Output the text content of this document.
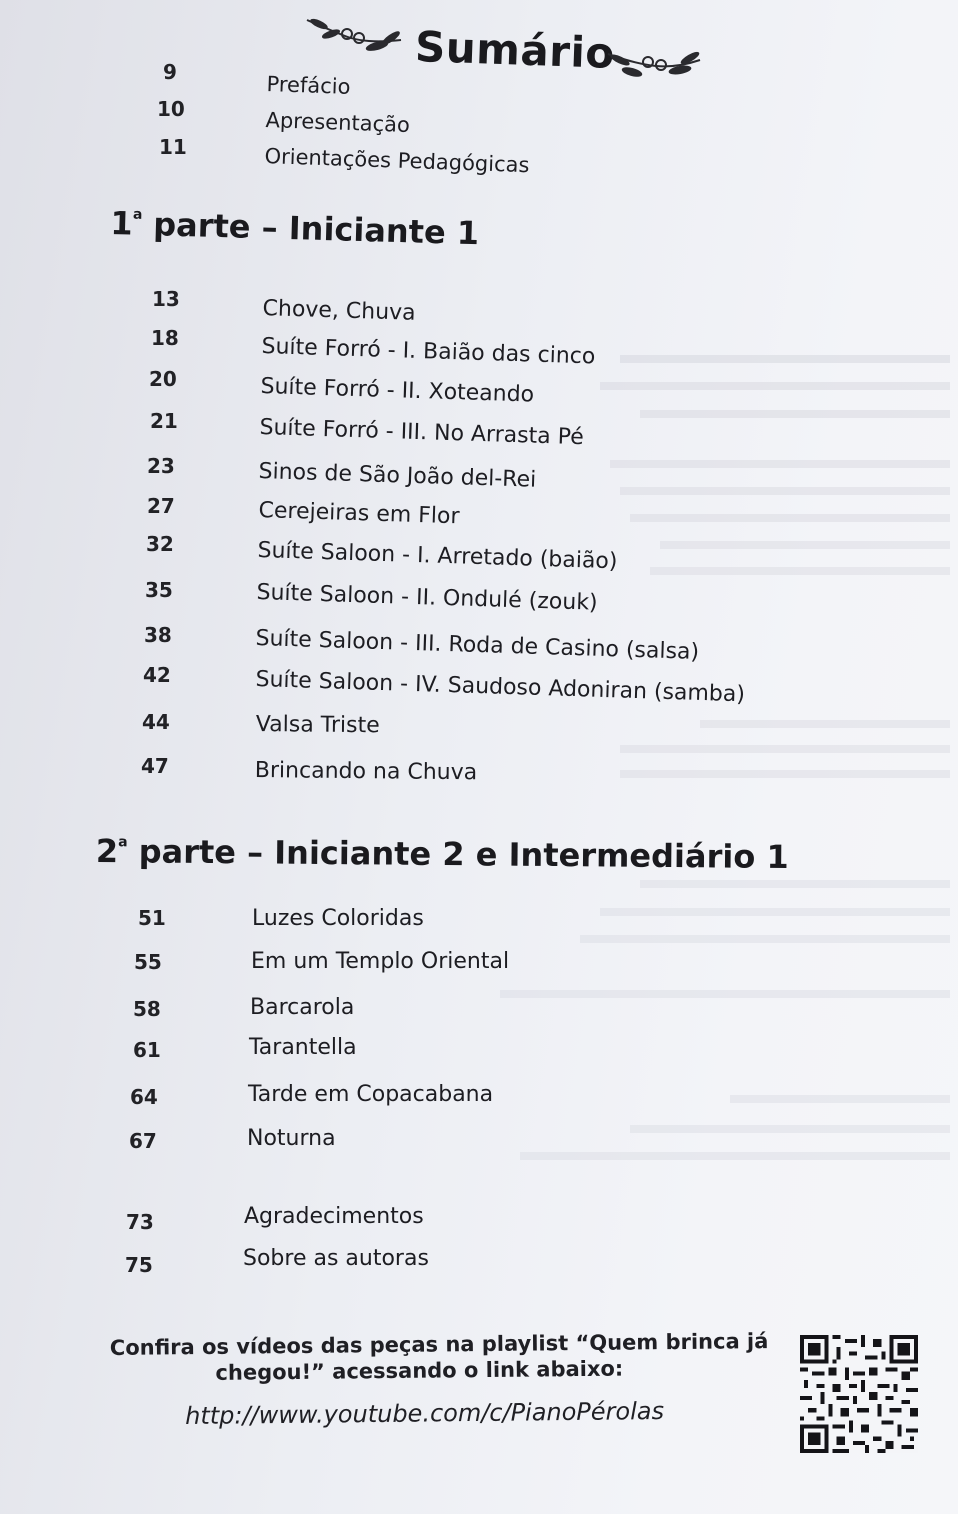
Sumário
9	Prefácio
10	Apresentação
11	Orientações Pedagógicas
1$^a$ parte – Iniciante 1
13	Chove, Chuva
18	Suíte Forró - I. Baião das cinco
20	Suíte Forró - II. Xoteando
21	Suíte Forró - III. No Arrasta Pé
23	Sinos de São João del-Rei
27	Cerejeiras em Flor
32	Suíte Saloon - I. Arretado (baião)
35	Suíte Saloon - II. Ondulé (zouk)
38	Suíte Saloon - III. Roda de Casino (salsa)
42	Suíte Saloon - IV. Saudoso Adoniran (samba)
44	Valsa Triste
47	Brincando na Chuva
2$^a$ parte – Iniciante 2 e Intermediário 1
51	Luzes Coloridas
55	Em um Templo Oriental
58	Barcarola
61	Tarantella
64	Tarde em Copacabana
67	Noturna
73	Agradecimentos
75	Sobre as autoras
Confira os vídeos das peças na playlist “Quem brinca já
chegou!” acessando o link abaixo:
http://www.youtube.com/c/PianoPérolas
